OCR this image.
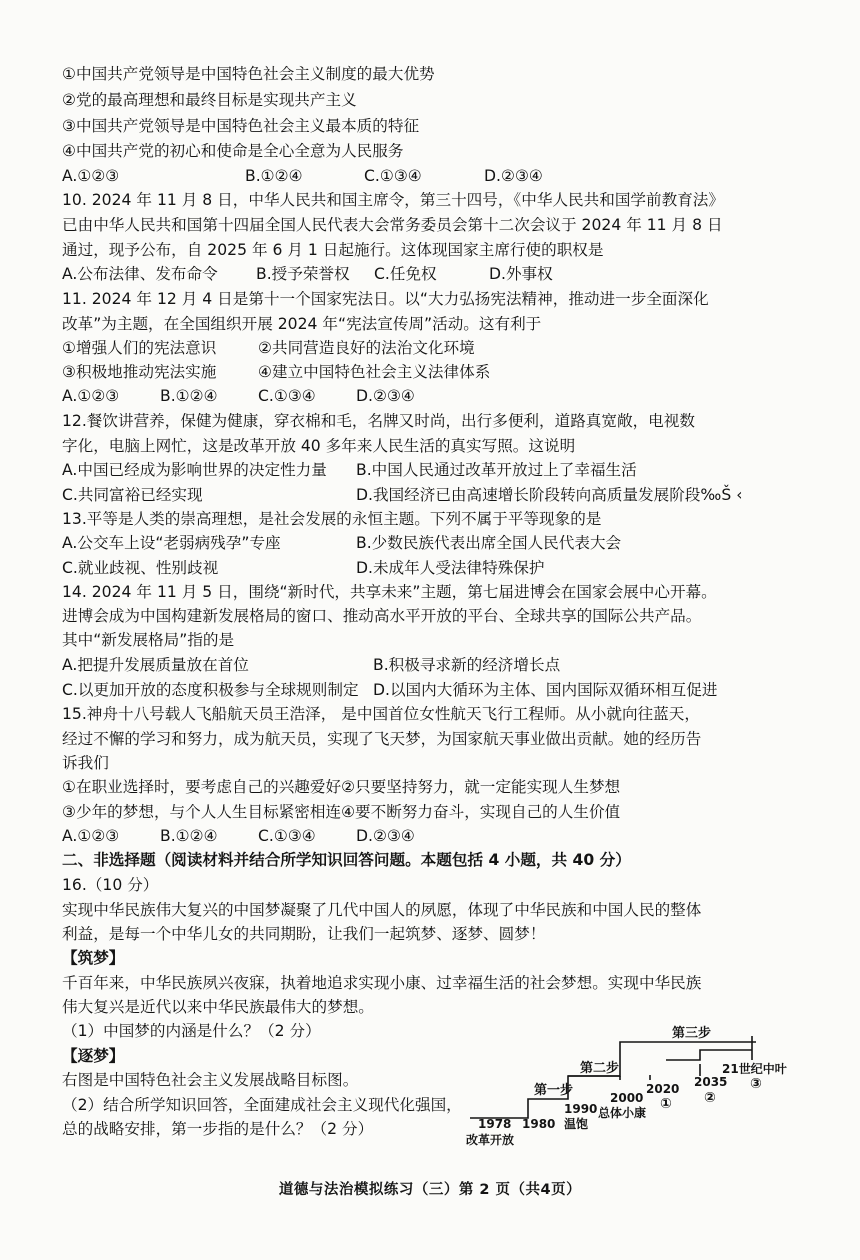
①中国共产党领导是中国特色社会主义制度的最大优势
②党的最高理想和最终目标是实现共产主义
③中国共产党领导是中国特色社会主义最本质的特征
④中国共产党的初心和使命是全心全意为人民服务
A.①②③	B.①②④	C.①③④	D.②③④
10. 2024 年 11 月 8 日，中华人民共和国主席令，第三十四号，《中华人民共和国学前教育法》
已由中华人民共和国第十四届全国人民代表大会常务委员会第十二次会议于 2024 年 11 月 8 日
通过，现予公布，自 2025 年 6 月 1 日起施行。这体现国家主席行使的职权是
A.公布法律、发布命令 B.授予荣誉权 C.任免权	D.外事权
11. 2024 年 12 月 4 日是第十一个国家宪法日。以“大力弘扬宪法精神，推动进一步全面深化
改革”为主题，在全国组织开展 2024 年“宪法宣传周”活动。这有利于
①增强人们的宪法意识	②共同营造良好的法治文化环境
③积极地推动宪法实施	④建立中国特色社会主义法律体系
A.①②③	B.①②④	C.①③④	D.②③④
12.餐饮讲营养，保健为健康，穿衣棉和毛，名牌又时尚，出行多便利，道路真宽敞，电视数
字化，电脑上网忙，这是改革开放 40 多年来人民生活的真实写照。这说明
A.中国已经成为影响世界的决定性力量 B.中国人民通过改革开放过上了幸福生活
C.共同富裕已经实现	D.我国经济已由高速增长阶段转向高质量发展阶段‰Š ‹
13.平等是人类的崇高理想，是社会发展的永恒主题。下列不属于平等现象的是
A.公交车上设“老弱病残孕”专座	B.少数民族代表出席全国人民代表大会
C.就业歧视、性别歧视	D.未成年人受法律特殊保护
14. 2024 年 11 月 5 日，围绕“新时代，共享未来”主题，第七届进博会在国家会展中心开幕。
进博会成为中国构建新发展格局的窗口、推动高水平开放的平台、全球共享的国际公共产品。
其中“新发展格局”指的是
A.把提升发展质量放在首位	B.积极寻求新的经济增长点
C.以更加开放的态度积极参与全球规则制定 D.以国内大循环为主体、国内国际双循环相互促进
15.神舟十八号载人飞船航天员王浩泽， 是中国首位女性航天飞行工程师。从小就向往蓝天，
经过不懈的学习和努力，成为航天员，实现了飞天梦，为国家航天事业做出贡献。她的经历告
诉我们
①在职业选择时，要考虑自己的兴趣爱好②只要坚持努力，就一定能实现人生梦想
③少年的梦想，与个人人生目标紧密相连④要不断努力奋斗，实现自己的人生价值
A.①②③	B.①②④	C.①③④	D.②③④
二、非选择题（阅读材料并结合所学知识回答问题。本题包括 4 小题，共 40 分）
16.（10 分）
实现中华民族伟大复兴的中国梦凝聚了几代中国人的夙愿，体现了中华民族和中国人民的整体
利益，是每一个中华儿女的共同期盼，让我们一起筑梦、逐梦、圆梦！
【筑梦】
千百年来，中华民族夙兴夜寐，执着地追求实现小康、过幸福生活的社会梦想。实现中华民族
伟大复兴是近代以来中华民族最伟大的梦想。
（1）中国梦的内涵是什么？（2 分）
【逐梦】
右图是中国特色社会主义发展战略目标图。
（2）结合所学知识回答，全面建成社会主义现代化强国，
总的战略安排，第一步指的是什么？（2 分）
第一步
第二步
第三步
1978 1980
1990
2000
2020 2035
21世纪中叶
改革开放
温饱
总体小康
① ②
③
道德与法治模拟练习（三）第 2 页（共4页）
